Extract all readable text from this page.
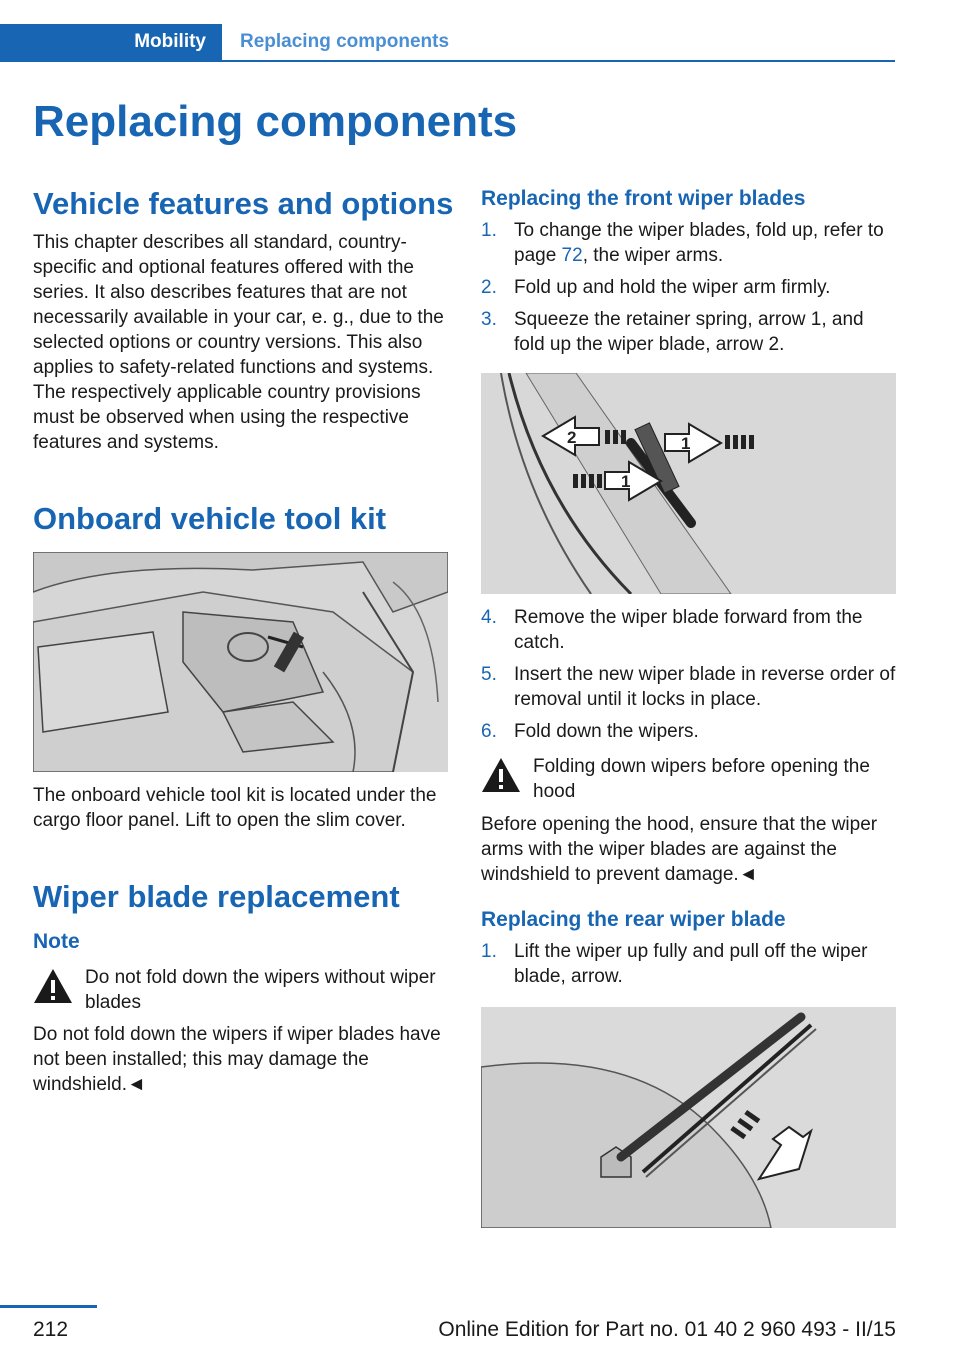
Mobility	Replacing components
Replacing components
Vehicle features and options

This chapter describes all standard, country-specific and optional features offered with the series. It also describes features that are not necessarily available in your car, e. g., due to the selected options or country versions. This also applies to safety-related functions and systems. The respectively applicable country provisions must be observed when using the respective features and systems.

Onboard vehicle tool kit

The onboard vehicle tool kit is located under the cargo floor panel. Lift to open the slim cover.

Wiper blade replacement
Note
Do not fold down the wipers without wiper blades

Do not fold down the wipers if wiper blades have not been installed; this may damage the windshield.◄

Replacing the front wiper blades
1. To change the wiper blades, fold up, refer to page 72, the wiper arms.
2. Fold up and hold the wiper arm firmly.
3. Squeeze the retainer spring, arrow 1, and fold up the wiper blade, arrow 2.
2	1
1
4. Remove the wiper blade forward from the catch.
5. Insert the new wiper blade in reverse order of removal until it locks in place.
6. Fold down the wipers.
Folding down wipers before opening the hood

Before opening the hood, ensure that the wiper arms with the wiper blades are against the windshield to prevent damage.◄

Replacing the rear wiper blade
1. Lift the wiper up fully and pull off the wiper blade, arrow.
212	Online Edition for Part no. 01 40 2 960 493 - II/15
